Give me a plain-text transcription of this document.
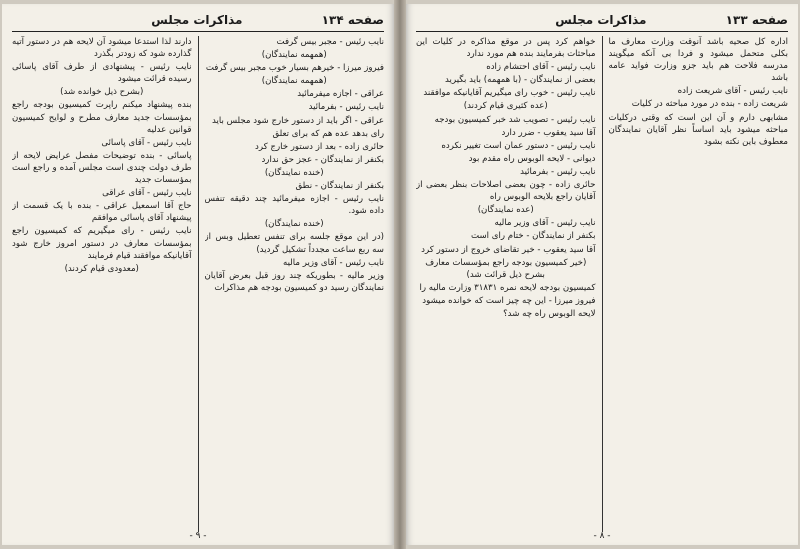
صفحه ۱۳۴
مذاکرات مجلس

نایب رئیس - مجبر بیس گرفت

(همهمه نمایندگان)

فیروز میرزا - خیرهم بسیار خوب مجبر بیس گرفت

(همهمه نمایندگان)

عراقی - اجازه میفرمائید

نایب رئیس - بفرمائید

عراقی - اگر باید از دستور خارج شود مجلس باید

رای بدهد عده هم که برای تعلق

حائری زاده - بعد از دستور خارج کرد

بکنفر از نمایندگان - عجز حق ندارد

(خنده نمایندگان)

بکنفر از نمایندگان - نطق

نایب رئیس - اجازه میفرمائید چند دقیقه تنفس داده شود.

(خنده نمایندگان)

(در این موقع جلسه برای تنفس تعطیل وبس از سه ربع ساعت مجدداً تشکیل گردید)

نایب رئیس - آقای وزیر مالیه

وزیر مالیه - بطوریکه چند روز قبل بعرض آقایان نمایندگان رسید دو کمیسیون بودجه هم مذاکرات

دارند لذا استدعا میشود آن لایحه هم در دستور آتیه گذارده شود که زودتر بگذرد

نایب رئیس - پیشنهادی از طرف آقای پاسائی رسیده قرائت میشود

(بشرح ذیل خوانده شد)

بنده پیشنهاد میکنم راپرت کمیسیون بودجه راجع بمؤسسات جدید معارف مطرح و لوایح کمیسیون قوانین عدلیه

نایب رئیس - آقای پاسائی

پاسائی - بنده توضیحات مفصل عرایض لایحه از طرف دولت چندی است مجلس آمده و راجع است بمؤسسات جدید

نایب رئیس - آقای عراقی

حاج آقا اسمعیل عراقی - بنده با یک قسمت از پیشنهاد آقای پاسائی موافقم

نایب رئیس - رای میگیریم که کمیسیون راجع بمؤسسات معارف در دستور امروز خارج شود آقایانیکه موافقند قیام فرمایند

(معدودی قیام کردند)

- ۹ -
صفحه ۱۳۳
مذاکرات مجلس

اداره کل صحیه باشد آنوقت وزارت معارف ما بکلی متحمل میشود و فردا بی آنکه میگویند مدرسه فلاحت هم باید جزو وزارت فواید عامه باشد

نایب رئیس - آقای شریعت زاده

شریعت زاده - بنده در مورد مباحثه در کلیات

مشابهی دارم و آن این است که وقتی درکلیات مباحثه میشود باید اساساً نظر آقایان نمایندگان معطوف باین نکته بشود

خواهم کرد پس در موقع مذاکره در کلیات این مباحثات بفرمایند بنده هم مورد ندارد

نایب رئیس - آقای احتشام زاده

بعضی از نمایندگان - (با همهمه) باید بگیرید

نایب رئیس - خوب رای میگیریم آقایانیکه موافقند

(عده کثیری قیام کردند)

نایب رئیس - تصویب شد خبر کمیسیون بودجه

آقا سید یعقوب - ضرر دارد

نایب رئیس - دستور عمان است تغییر نکرده

دیوانی - لایحه الوبوس راه مقدم بود

نایب رئیس - بفرمائید

حائری زاده - چون بعضی اصلاحات بنظر بعضی از آقایان راجع بلایحه الوبوس راه

(عده نمایندگان)

نایب رئیس - آقای وزیر مالیه

بکنفر از نمایندگان - ختام رای است

آقا سید یعقوب - خیر تقاضای خروج از دستور کرد

(خیر کمیسیون بودجه راجع بمؤسسات معارف بشرح ذیل قرائت شد)

کمیسیون بودجه لایحه نمره ۳۱۸۳۱ وزارت مالیه را

فیروز میرزا - این چه چیز است که خوانده میشود

لایحه الوبوس راه چه شد؟

- ۸ -
